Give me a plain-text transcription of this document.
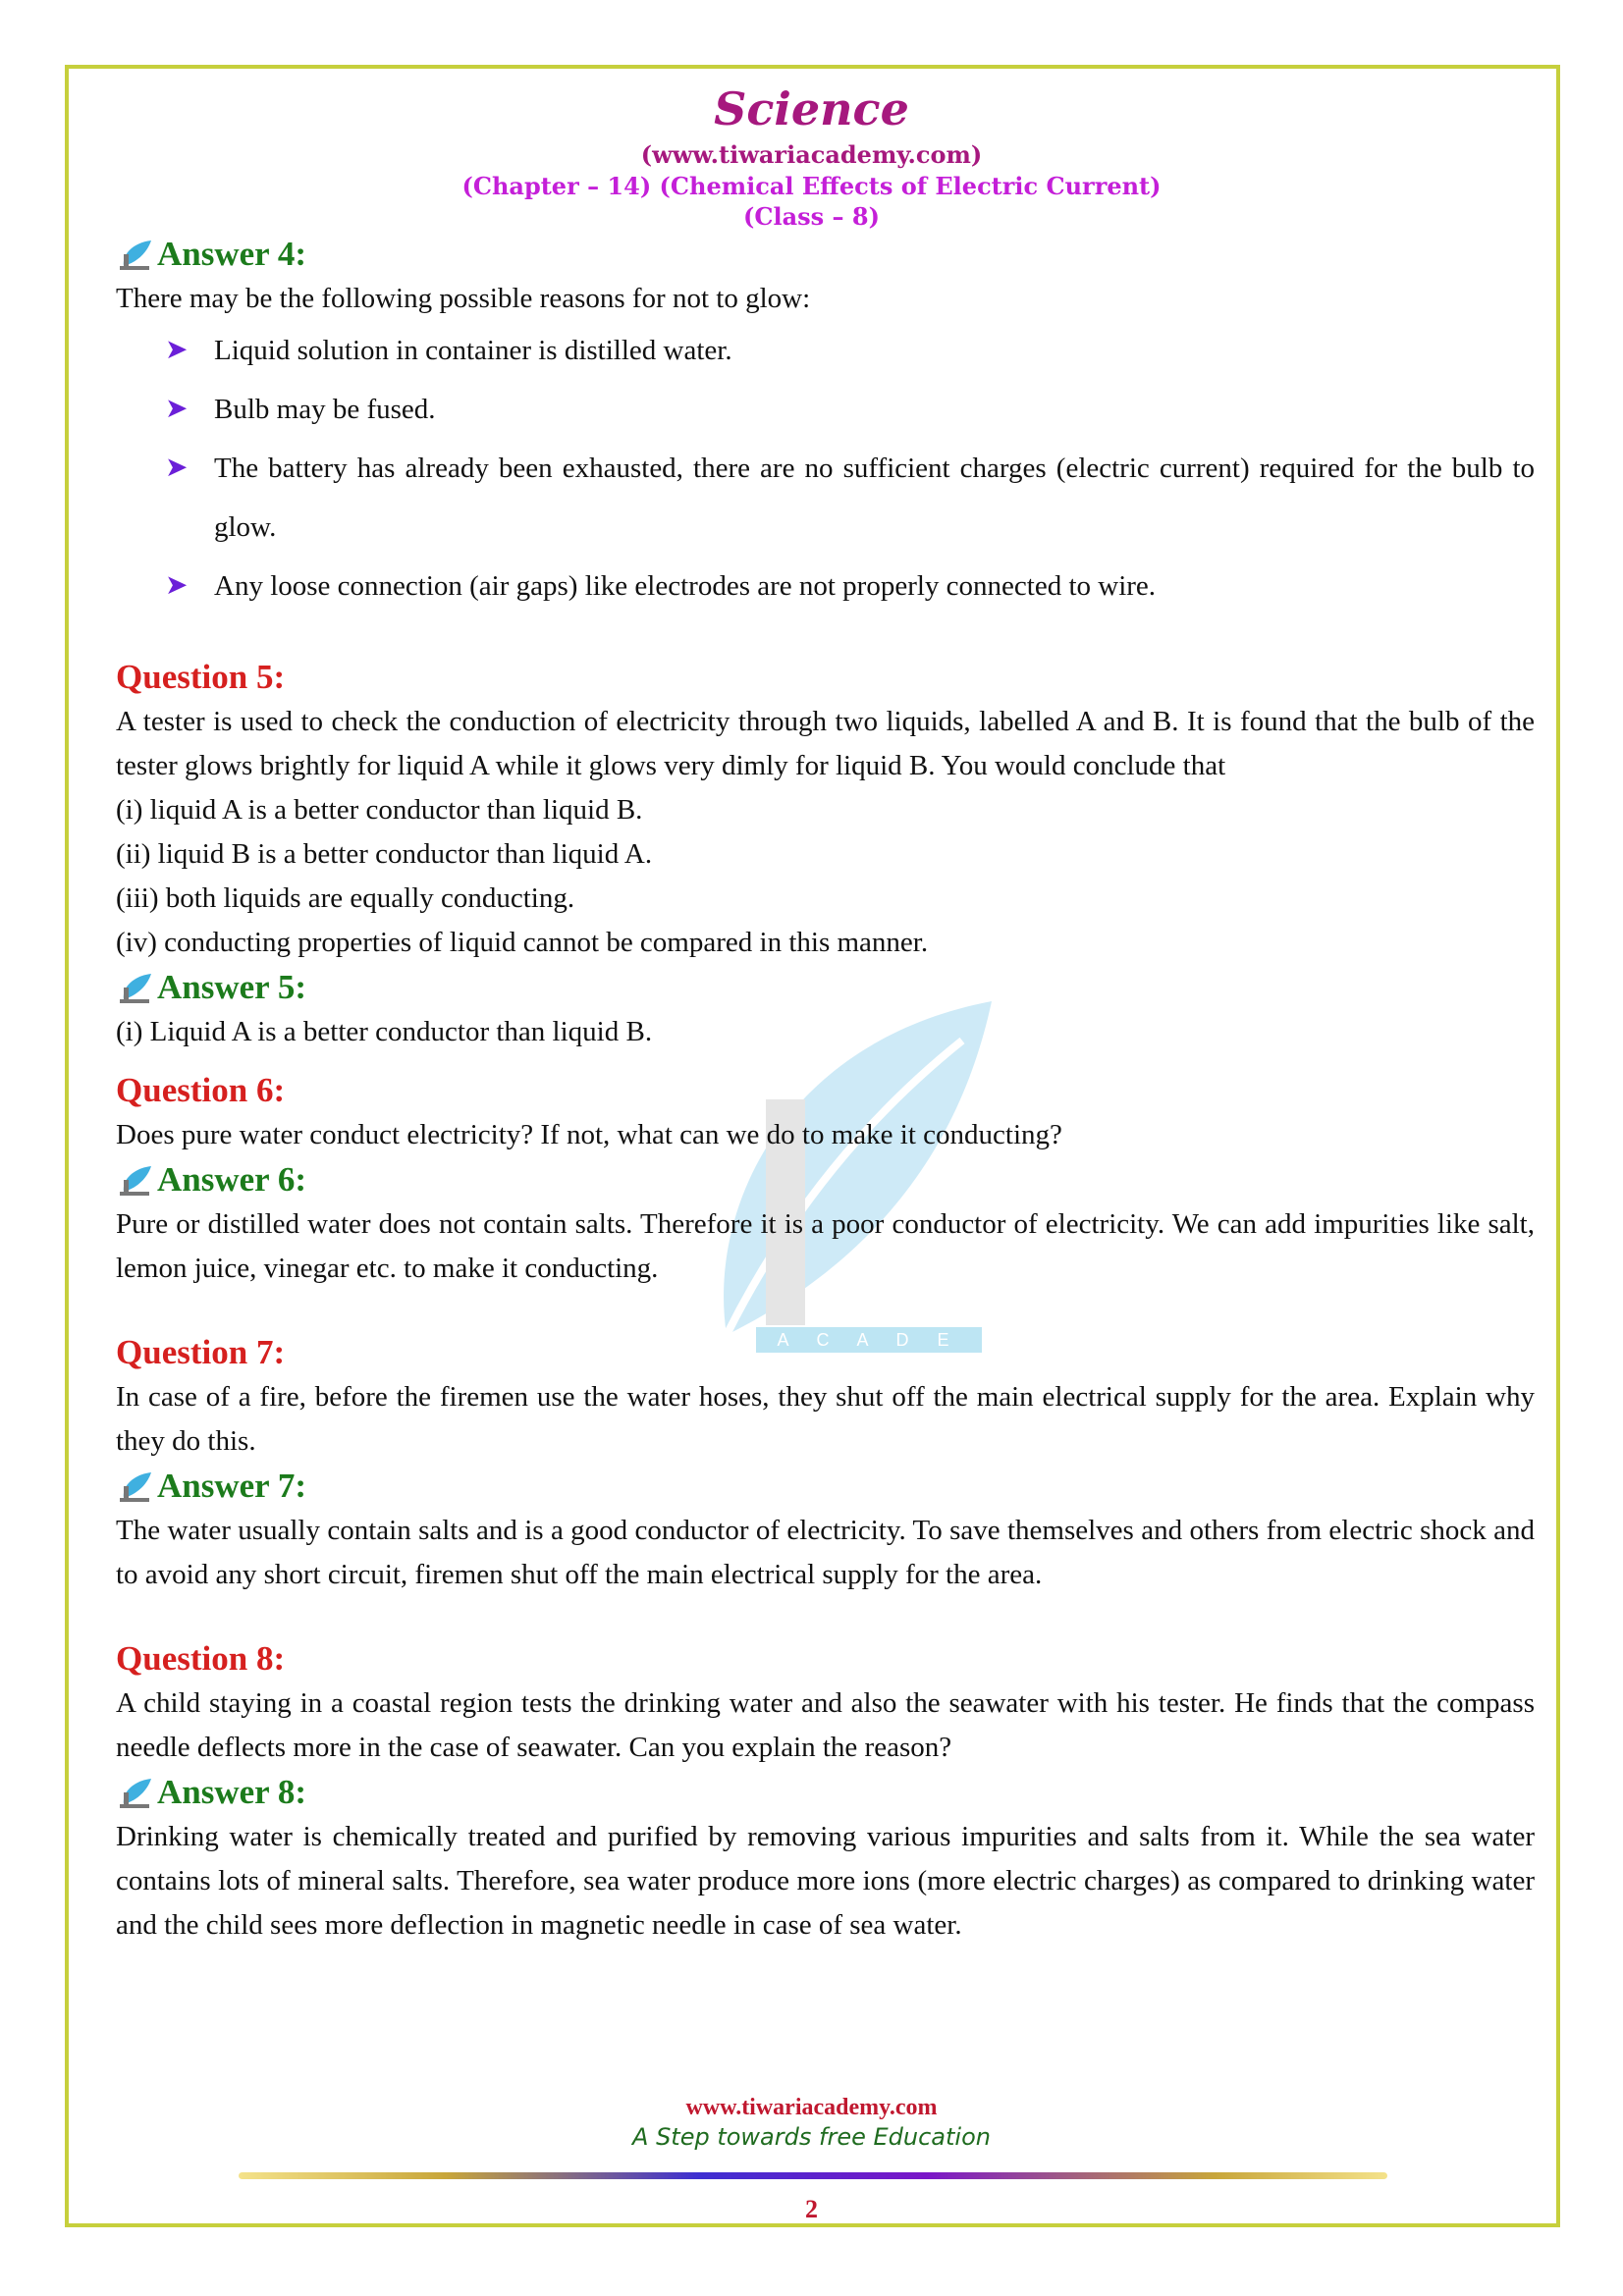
A C A D E M Y
Science
(www.tiwariacademy.com)
(Chapter – 14) (Chemical Effects of Electric Current)
(Class – 8)
Answer 4:

There may be the following possible reasons for not to glow:

➤ Liquid solution in container is distilled water.
➤ Bulb may be fused.
➤ The battery has already been exhausted, there are no sufficient charges (electric current) required for the bulb to glow.
➤ Any loose connection (air gaps) like electrodes are not properly connected to wire.
Question 5:

A tester is used to check the conduction of electricity through two liquids, labelled A and B. It is found that the bulb of the tester glows brightly for liquid A while it glows very dimly for liquid B. You would conclude that

(i) liquid A is a better conductor than liquid B.

(ii) liquid B is a better conductor than liquid A.

(iii) both liquids are equally conducting.

(iv) conducting properties of liquid cannot be compared in this manner.

Answer 5:

(i) Liquid A is a better conductor than liquid B.

Question 6:

Does pure water conduct electricity? If not, what can we do to make it conducting?

Answer 6:

Pure or distilled water does not contain salts. Therefore it is a poor conductor of electricity. We can add impurities like salt, lemon juice, vinegar etc. to make it conducting.

Question 7:

In case of a fire, before the firemen use the water hoses, they shut off the main electrical supply for the area. Explain why they do this.

Answer 7:

The water usually contain salts and is a good conductor of electricity. To save themselves and others from electric shock and to avoid any short circuit, firemen shut off the main electrical supply for the area.

Question 8:

A child staying in a coastal region tests the drinking water and also the seawater with his tester. He finds that the compass needle deflects more in the case of seawater. Can you explain the reason?

Answer 8:

Drinking water is chemically treated and purified by removing various impurities and salts from it. While the sea water contains lots of mineral salts. Therefore, sea water produce more ions (more electric charges) as compared to drinking water and the child sees more deflection in magnetic needle in case of sea water.

www.tiwariacademy.com
A Step towards free Education
2
